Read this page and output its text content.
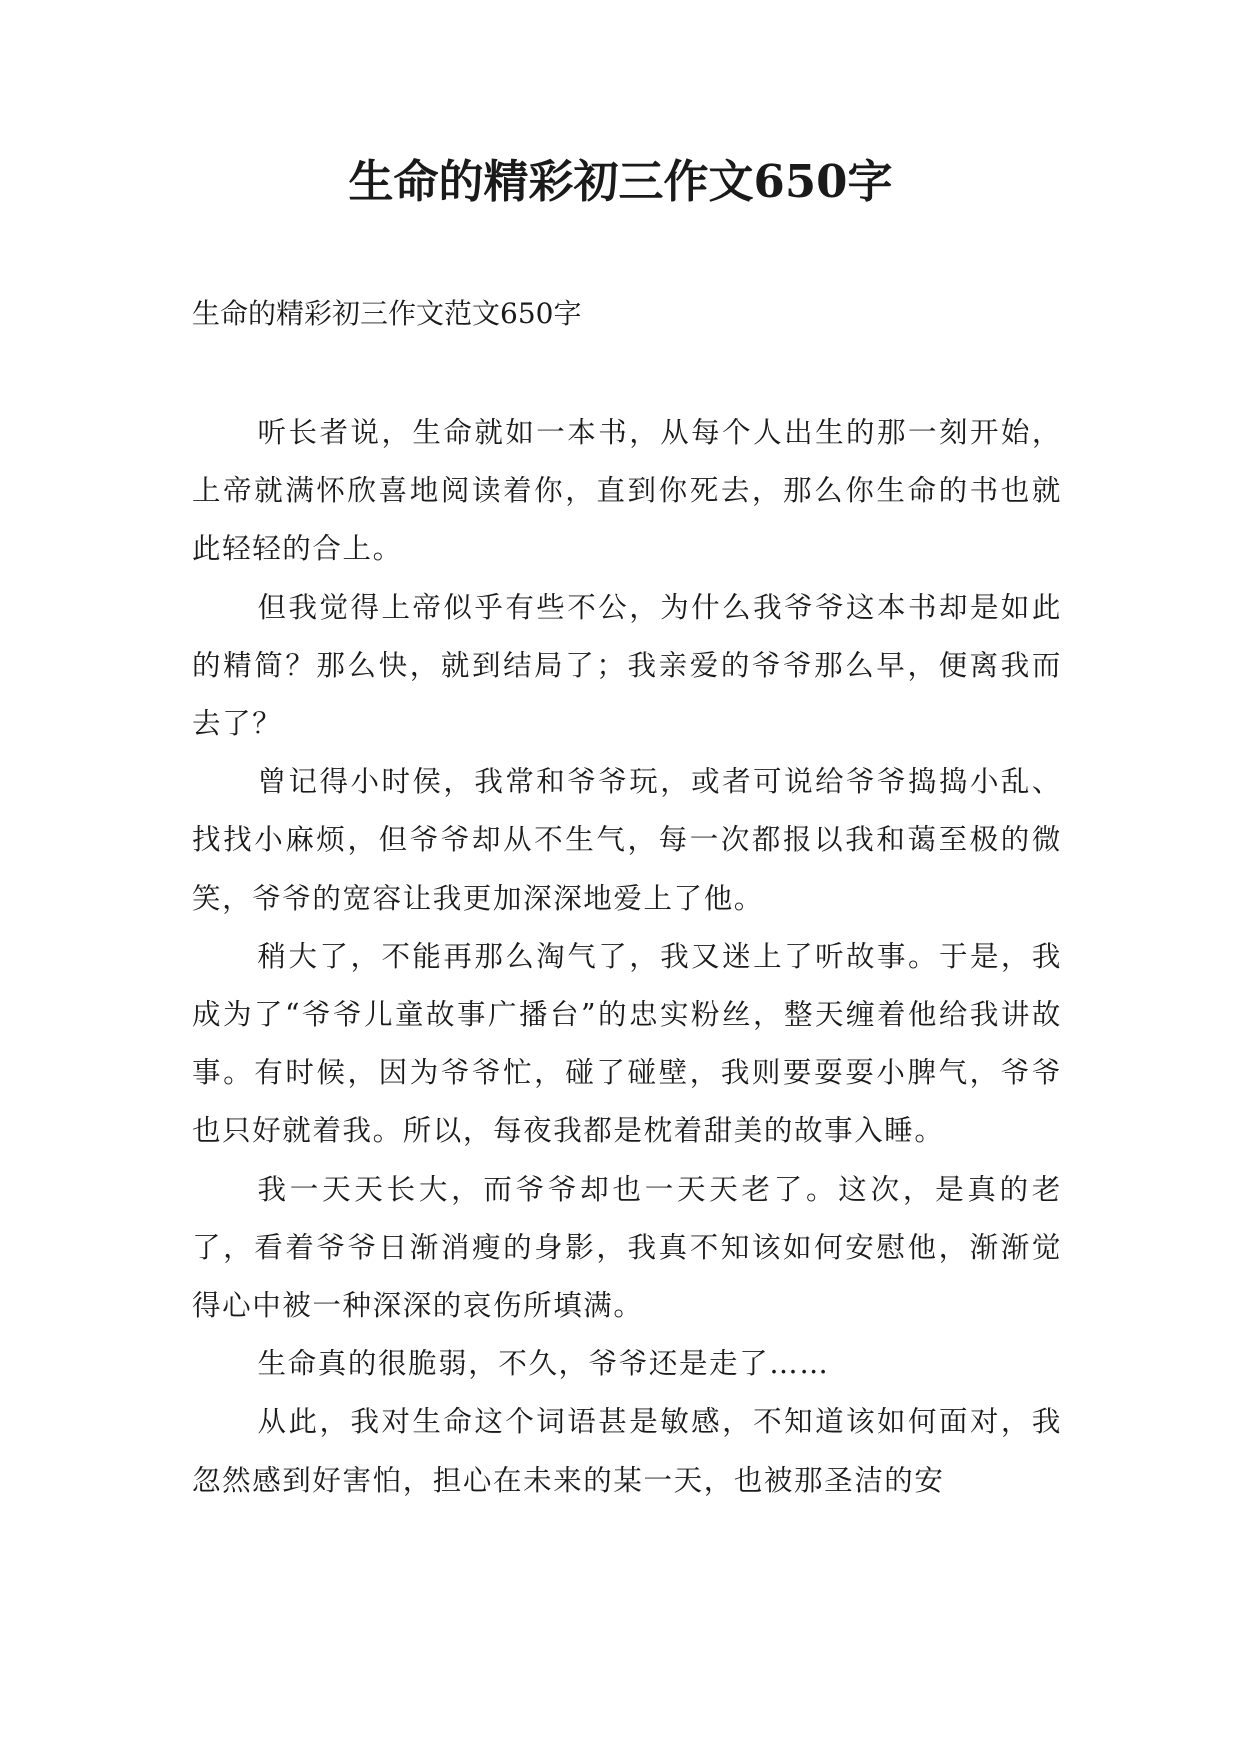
生命的精彩初三作文650字

生命的精彩初三作文范文650字

听长者说，生命就如一本书，从每个人出生的那一刻开始，上帝就满怀欣喜地阅读着你，直到你死去，那么你生命的书也就此轻轻的合上。

但我觉得上帝似乎有些不公，为什么我爷爷这本书却是如此的精简？那么快，就到结局了；我亲爱的爷爷那么早，便离我而去了？

曾记得小时侯，我常和爷爷玩，或者可说给爷爷捣捣小乱、找找小麻烦，但爷爷却从不生气，每一次都报以我和蔼至极的微笑，爷爷的宽容让我更加深深地爱上了他。

稍大了，不能再那么淘气了，我又迷上了听故事。于是，我成为了“爷爷儿童故事广播台”的忠实粉丝，整天缠着他给我讲故事。有时候，因为爷爷忙，碰了碰壁，我则要耍耍小脾气，爷爷也只好就着我。所以，每夜我都是枕着甜美的故事入睡。

我一天天长大，而爷爷却也一天天老了。这次，是真的老了，看着爷爷日渐消瘦的身影，我真不知该如何安慰他，渐渐觉得心中被一种深深的哀伤所填满。

生命真的很脆弱，不久，爷爷还是走了……

从此，我对生命这个词语甚是敏感，不知道该如何面对，我忽然感到好害怕，担心在未来的某一天，也被那圣洁的安
